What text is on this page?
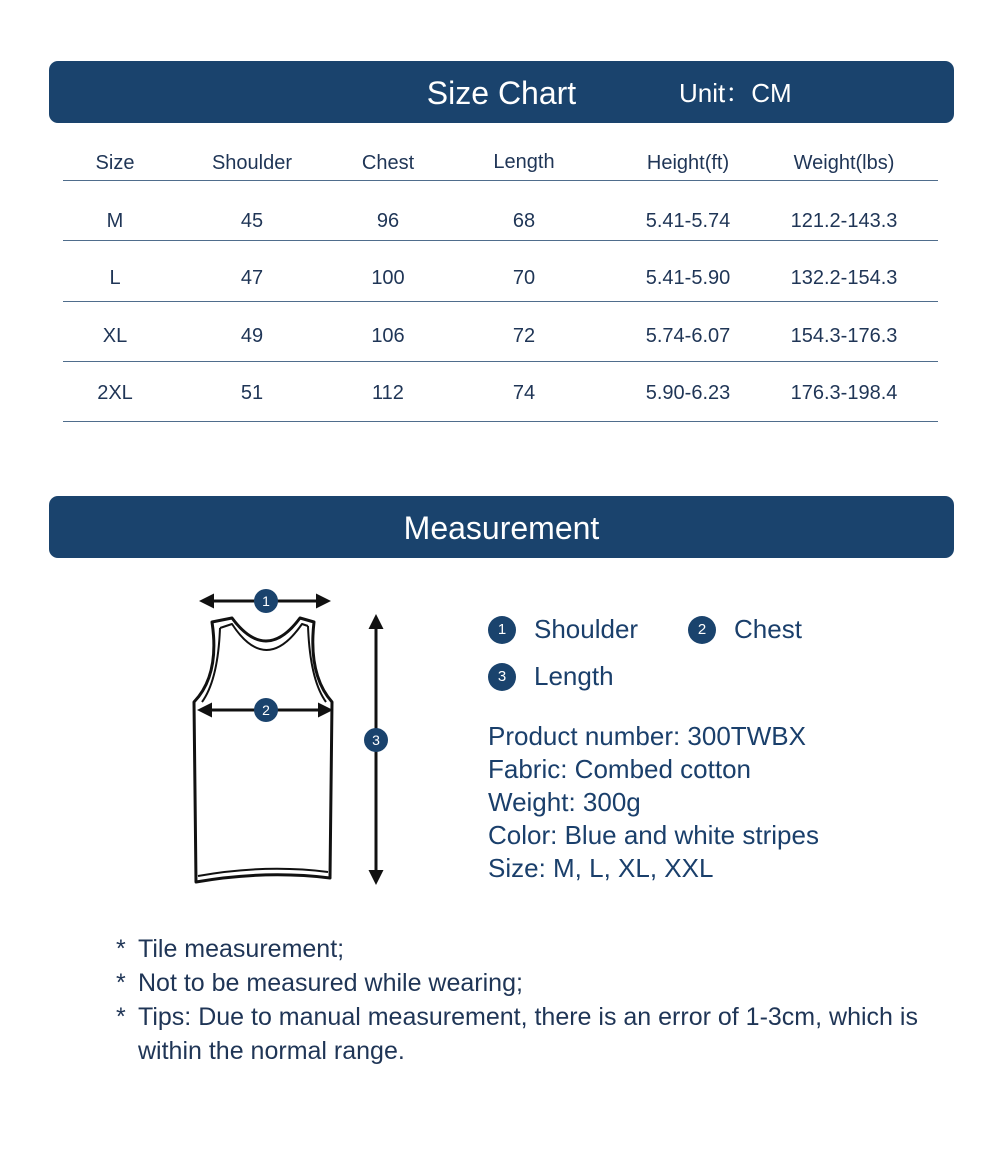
Size Chart	Unit：CM
Size	Shoulder	Chest	Length	Height(ft)	Weight(lbs)
M	45	96	68	5.41-5.74	121.2-143.3
L	47	100	70	5.41-5.90	132.2-154.3
XL	49	106	72	5.74-6.07	154.3-176.3
2XL	51	112	74	5.90-6.23	176.3-198.4
Measurement
1
2
3
1	Shoulder	2	Chest
3	Length
Product number: 300TWBX
Fabric: Combed cotton
Weight: 300g
Color: Blue and white stripes
Size: M, L, XL, XXL
* Tile measurement;
* Not to be measured while wearing;
* Tips: Due to manual measurement, there is an error of 1-3cm, which is within the normal range.
